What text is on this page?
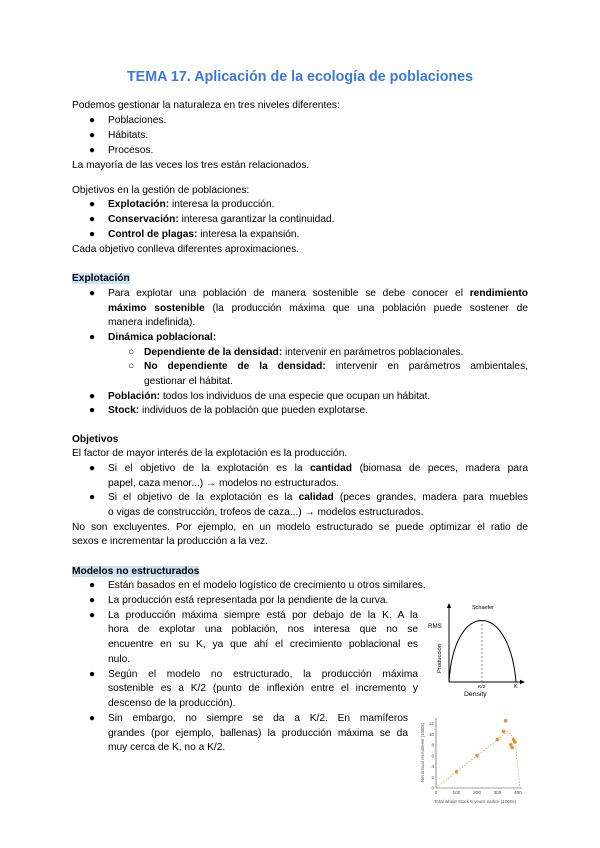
TEMA 17. Aplicación de la ecología de poblaciones
Podemos gestionar la naturaleza en tres niveles diferentes:
● Poblaciones.
● Hábitats.
● Procesos.
La mayoría de las veces los tres están relacionados.
Objetivos en la gestión de poblaciones:
● Explotación: interesa la producción.
● Conservación: interesa garantizar la continuidad.
● Control de plagas: interesa la expansión.
Cada objetivo conlleva diferentes aproximaciones.
Explotación
● Para explotar una población de manera sostenible se debe conocer el rendimiento
máximo sostenible (la producción máxima que una población puede sostener de
manera indefinida).
● Dinámica poblacional:
○ Dependiente de la densidad: intervenir en parámetros poblacionales.
○ No dependiente de la densidad: intervenir en parámetros ambientales,
gestionar el hábitat.
● Población: todos los individuos de una especie que ocupan un hábitat.
● Stock: individuos de la población que pueden explotarse.
Objetivos
El factor de mayor interés de la explotación es la producción.
● Si el objetivo de la explotación es la cantidad (biomasa de peces, madera para
papel, caza menor...) → modelos no estructurados.
● Si el objetivo de la explotación es la calidad (peces grandes, madera para muebles
o vigas de construcción, trofeos de caza...) → modelos estructurados.
No son excluyentes. Por ejemplo, en un modelo estructurado se puede optimizar el ratio de
sexos e incrementar la producción a la vez.
Modelos no estructurados
● Están basados en el modelo logístico de crecimiento u otros similares.
● La producción está representada por la pendiente de la curva.
● La producción máxima siempre está por debajo de la K. A la
hora de explotar una población, nos interesa que no se
encuentre en su K, ya que ahí el crecimiento poblacional es
nulo.
● Según el modelo no estructurado, la producción máxima
sostenible es a K/2 (punto de inflexión entre el incremento y
descenso de la producción).
● Sin embargo, no siempre se da a K/2. En mamíferos
grandes (por ejemplo, ballenas) la producción máxima se da
muy cerca de K, no a K/2.
Schaefer
RMS
Producción
K/2	K
Density
Net annual recruitment (1000s)
Total whale stock 5 years earlier (1000s)
12
10
8
6
4
2
0
0	100	200	300	400
